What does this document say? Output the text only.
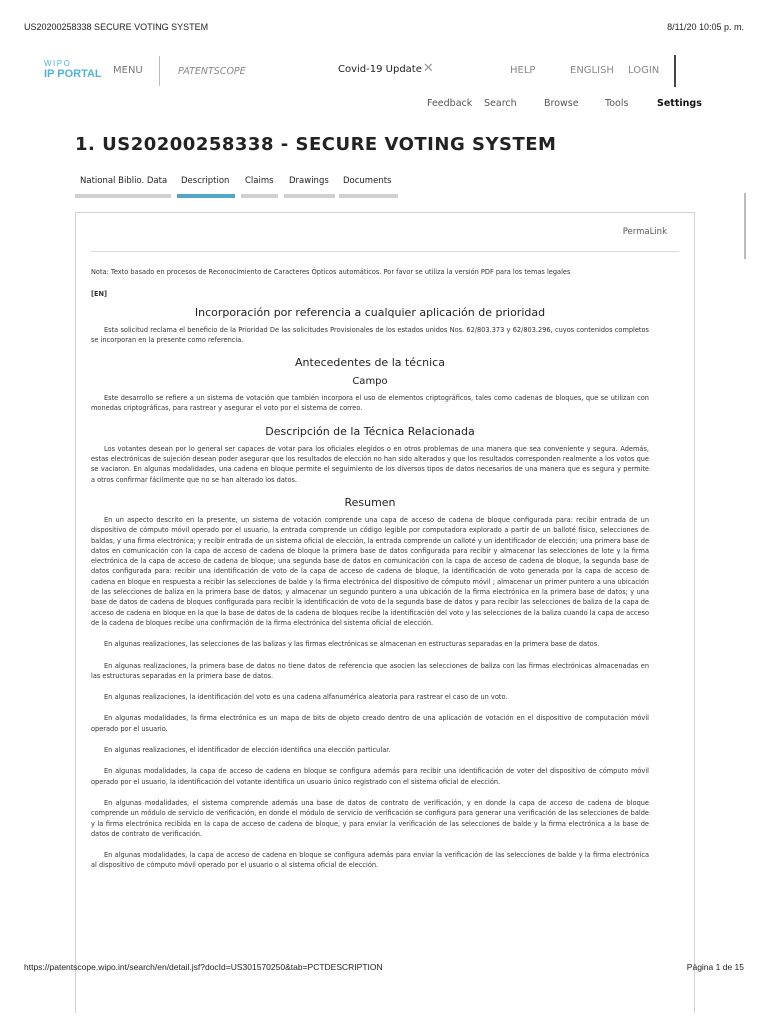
US20200258338 SECURE VOTING SYSTEM	8/11/20 10:05 p. m.
WIPO
IP PORTAL MENU	PATENTSCOPE	Covid-19 Update✕	HELP	ENGLISH LOGIN
Feedback Search	Browse	Tools	Settings
1. US20200258338 - SECURE VOTING SYSTEM
National Biblio. Data Description Claims Drawings Documents
PermaLink

Nota: Texto basado en procesos de Reconocimiento de Caracteres Ópticos automáticos. Por favor se utiliza la versión PDF para los temas legales

[EN]

Incorporación por referencia a cualquier aplicación de prioridad

Esta solicitud reclama el beneficio de la Prioridad De las solicitudes Provisionales de los estados unidos Nos. 62/803.373 y 62/803.296, cuyos contenidos completos se incorporan en la presente como referencia.

Antecedentes de la técnica
Campo

Este desarrollo se refiere a un sistema de votación que también incorpora el uso de elementos criptográficos, tales como cadenas de bloques, que se utilizan con monedas criptográficas, para rastrear y asegurar el voto por el sistema de correo.

Descripción de la Técnica Relacionada

Los votantes desean por lo general ser capaces de votar para los oficiales elegidos o en otros problemas de una manera que sea conveniente y segura. Además, estas electrónicas de sujeción desean poder asegurar que los resultados de elección no han sido alterados y que los resultados corresponden realmente a los votos que se vaciaron. En algunas modalidades, una cadena en bloque permite el seguimiento de los diversos tipos de datos necesarios de una manera que es segura y permite a otros confirmar fácilmente que no se han alterado los datos.

Resumen

En un aspecto descrito en la presente, un sistema de votación comprende una capa de acceso de cadena de bloque configurada para: recibir entrada de un dispositivo de cómputo móvil operado por el usuario, la entrada comprende un código legible por computadora explorado a partir de un balloté físico, selecciones de baldas, y una firma electrónica; y recibir entrada de un sistema oficial de elección, la entrada comprende un calloté y un identificador de elección; una primera base de datos en comunicación con la capa de acceso de cadena de bloque la primera base de datos configurada para recibir y almacenar las selecciones de lote y la firma electrónica de la capa de acceso de cadena de bloque; una segunda base de datos en comunicación con la capa de acceso de cadena de bloque, la segunda base de datos configurada para: recibir una identificación de voto de la capa de acceso de cadena de bloque, la identificación de voto generada por la capa de acceso de cadena en bloque en respuesta a recibir las selecciones de balde y la firma electrónica del dispositivo de cómputo móvil ; almacenar un primer puntero a una ubicación de las selecciones de baliza en la primera base de datos; y almacenar un segundo puntero a una ubicación de la firma electrónica en la primera base de datos; y una base de datos de cadena de bloques configurada para recibir la identificación de voto de la segunda base de datos y para recibir las selecciones de baliza de la capa de acceso de cadena en bloque en la que la base de datos de la cadena de bloques recibe la identificación del voto y las selecciones de la baliza cuando la capa de acceso de la cadena de bloques recibe una confirmación de la firma electrónica del sistema oficial de elección.

En algunas realizaciones, las selecciones de las balizas y las firmas electrónicas se almacenan en estructuras separadas en la primera base de datos.

En algunas realizaciones, la primera base de datos no tiene datos de referencia que asocien las selecciones de baliza con las firmas electrónicas almacenadas en las estructuras separadas en la primera base de datos.

En algunas realizaciones, la identificación del voto es una cadena alfanumérica aleatoria para rastrear el caso de un voto.

En algunas modalidades, la firma electrónica es un mapa de bits de objeto creado dentro de una aplicación de votación en el dispositivo de computación móvil operado por el usuario.

En algunas realizaciones, el identificador de elección identifica una elección particular.

En algunas modalidades, la capa de acceso de cadena en bloque se configura además para recibir una identificación de voter del dispositivo de cómputo móvil operado por el usuario, la identificación del votante identifica un usuario único registrado con el sistema oficial de elección.

En algunas modalidades, el sistema comprende además una base de datos de contrato de verificación, y en donde la capa de acceso de cadena de bloque comprende un módulo de servicio de verificación, en donde el módulo de servicio de verificación se configura para generar una verificación de las selecciones de balde y la firma electrónica recibida en la capa de acceso de cadena de bloque, y para enviar la verificación de las selecciones de balde y la firma electrónica a la base de datos de contrato de verificación.

En algunas modalidades, la capa de acceso de cadena en bloque se configura además para enviar la verificación de las selecciones de balde y la firma electrónica al dispositivo de cómputo móvil operado por el usuario o al sistema oficial de elección.

https://patentscope.wipo.int/search/en/detail.jsf?docId=US301570250&tab=PCTDESCRIPTION	Página 1 de 15
